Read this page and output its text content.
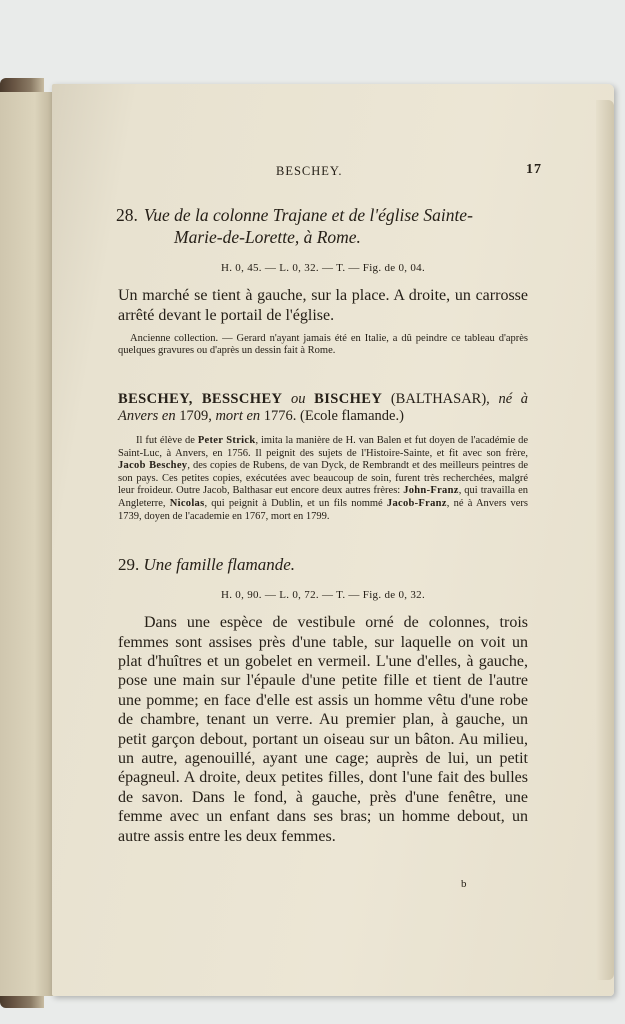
BESCHEY.	17
28. Vue de la colonne Trajane et de l'église Sainte-
Marie-de-Lorette, à Rome.
H. 0, 45. — L. 0, 32. — T. — Fig. de 0, 04.
Un marché se tient à gauche, sur la place. A droite, un carrosse arrêté devant le portail de l'église.
Ancienne collection. — Gerard n'ayant jamais été en Italie, a dû peindre ce tableau d'après quelques gravures ou d'après un dessin fait à Rome.
BESCHEY, BESSCHEY ou BISCHEY (BALTHASAR), né à Anvers en 1709, mort en 1776. (Ecole flamande.)
Il fut élève de Peter Strick, imita la manière de H. van Balen et fut doyen de l'académie de Saint-Luc, à Anvers, en 1756. Il peignit des sujets de l'Histoire-Sainte, et fit avec son frère, Jacob Beschey, des copies de Rubens, de van Dyck, de Rembrandt et des meilleurs peintres de son pays. Ces petites copies, exécutées avec beaucoup de soin, furent très recherchées, malgré leur froideur. Outre Jacob, Balthasar eut encore deux autres frères: John-Franz, qui travailla en Angleterre, Nicolas, qui peignit à Dublin, et un fils nommé Jacob-Franz, né à Anvers vers 1739, doyen de l'academie en 1767, mort en 1799.
29. Une famille flamande.
H. 0, 90. — L. 0, 72. — T. — Fig. de 0, 32.
Dans une espèce de vestibule orné de colonnes, trois femmes sont assises près d'une table, sur laquelle on voit un plat d'huîtres et un gobelet en vermeil. L'une d'elles, à gauche, pose une main sur l'épaule d'une petite fille et tient de l'autre une pomme; en face d'elle est assis un homme vêtu d'une robe de chambre, tenant un verre. Au premier plan, à gauche, un petit garçon debout, portant un oiseau sur un bâton. Au milieu, un autre, agenouillé, ayant une cage; auprès de lui, un petit épagneul. A droite, deux petites filles, dont l'une fait des bulles de savon. Dans le fond, à gauche, près d'une fenêtre, une femme avec un enfant dans ses bras; un homme debout, un autre assis entre les deux femmes.
b
